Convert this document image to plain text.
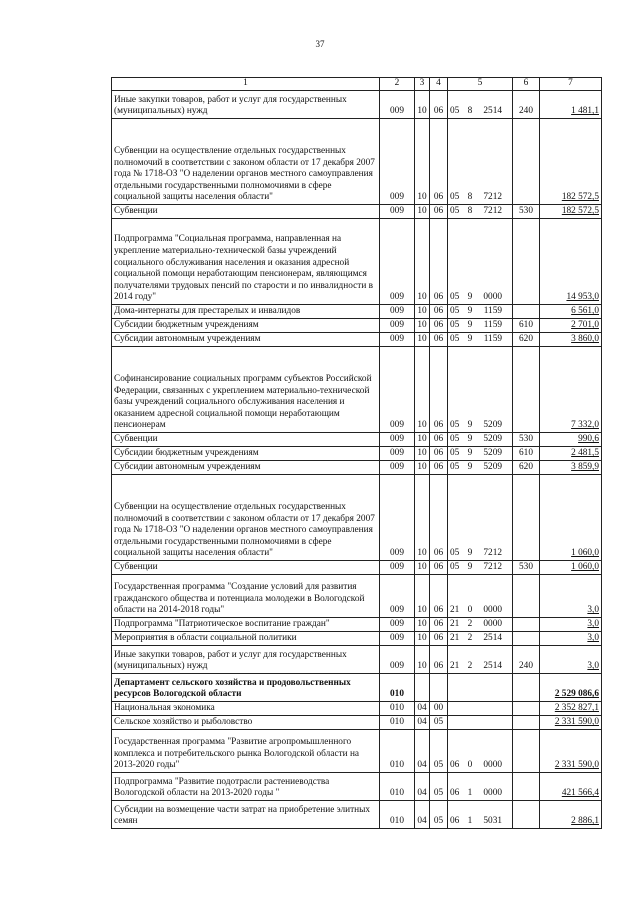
37
1	2	3	4	5	6	7
Иные закупки товаров, работ и услуг для государственных (муниципальных) нужд	009	10	06	05 8 2514	240	1 481,1
Субвенции на осуществление отдельных государственных полномочий в соответствии с законом области от 17 декабря 2007 года № 1718-ОЗ "О наделении органов местного самоуправления отдельными государственными полномочиями в сфере социальной защиты населения области"	009	10	06	05 8 7212		182 572,5
Субвенции	009	10	06	05 8 7212	530	182 572,5
Подпрограмма "Социальная программа, направленная на укрепление материально-технической базы учреждений социального обслуживания населения и оказания адресной социальной помощи неработающим пенсионерам, являющимся получателями трудовых пенсий по старости и по инвалидности в 2014 году"	009	10	06	05 9 0000		14 953,0
Дома-интернаты для престарелых и инвалидов	009	10	06	05 9 1159		6 561,0
Субсидии бюджетным учреждениям	009	10	06	05 9 1159	610	2 701,0
Субсидии автономным учреждениям	009	10	06	05 9 1159	620	3 860,0
Софинансирование социальных программ субъектов Российской Федерации, связанных с укреплением материально-технической базы учреждений социального обслуживания населения и оказанием адресной социальной помощи неработающим пенсионерам	009	10	06	05 9 5209		7 332,0
Субвенции	009	10	06	05 9 5209	530	990,6
Субсидии бюджетным учреждениям	009	10	06	05 9 5209	610	2 481,5
Субсидии автономным учреждениям	009	10	06	05 9 5209	620	3 859,9
Субвенции на осуществление отдельных государственных полномочий в соответствии с законом области от 17 декабря 2007 года № 1718-ОЗ "О наделении органов местного самоуправления отдельными государственными полномочиями в сфере социальной защиты населения области"	009	10	06	05 9 7212		1 060,0
Субвенции	009	10	06	05 9 7212	530	1 060,0
Государственная программа "Создание условий для развития гражданского общества и потенциала молодежи в Вологодской области на 2014-2018 годы"	009	10	06	21 0 0000		3,0
Подпрограмма "Патриотическое воспитание граждан"	009	10	06	21 2 0000		3,0
Мероприятия в области социальной политики	009	10	06	21 2 2514		3,0
Иные закупки товаров, работ и услуг для государственных (муниципальных) нужд	009	10	06	21 2 2514	240	3,0
Департамент сельского хозяйства и продовольственных ресурсов Вологодской области	010					2 529 086,6
Национальная экономика	010	04	00			2 352 827,1
Сельское хозяйство и рыболовство	010	04	05			2 331 590,0
Государственная программа "Развитие агропромышленного комплекса и потребительского рынка Вологодской области на 2013-2020 годы"	010	04	05	06 0 0000		2 331 590,0
Подпрограмма "Развитие подотрасли растениеводства Вологодской области на 2013-2020 годы "	010	04	05	06 1 0000		421 566,4
Субсидии на возмещение части затрат на приобретение элитных семян	010	04	05	06 1 5031		2 886,1
